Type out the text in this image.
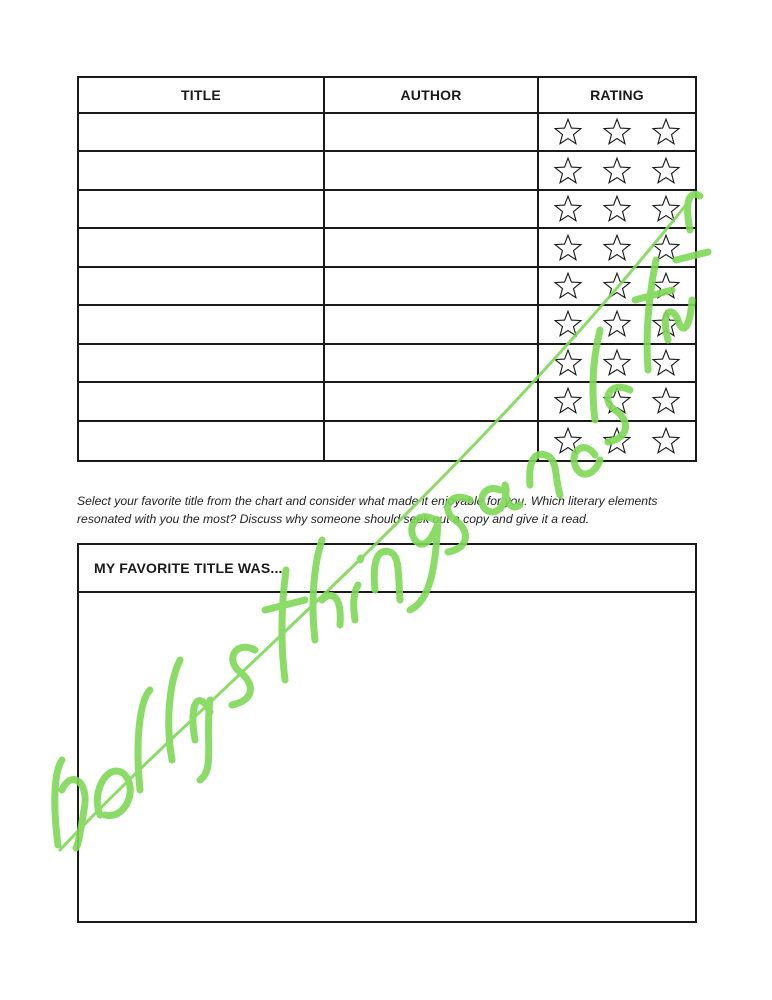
TITLE	AUTHOR	RATING
Select your favorite title from the chart and consider what made it enjoyable for you. Which literary elements resonated with you the most? Discuss why someone should seek out a copy and give it a read.
MY FAVORITE TITLE WAS...
